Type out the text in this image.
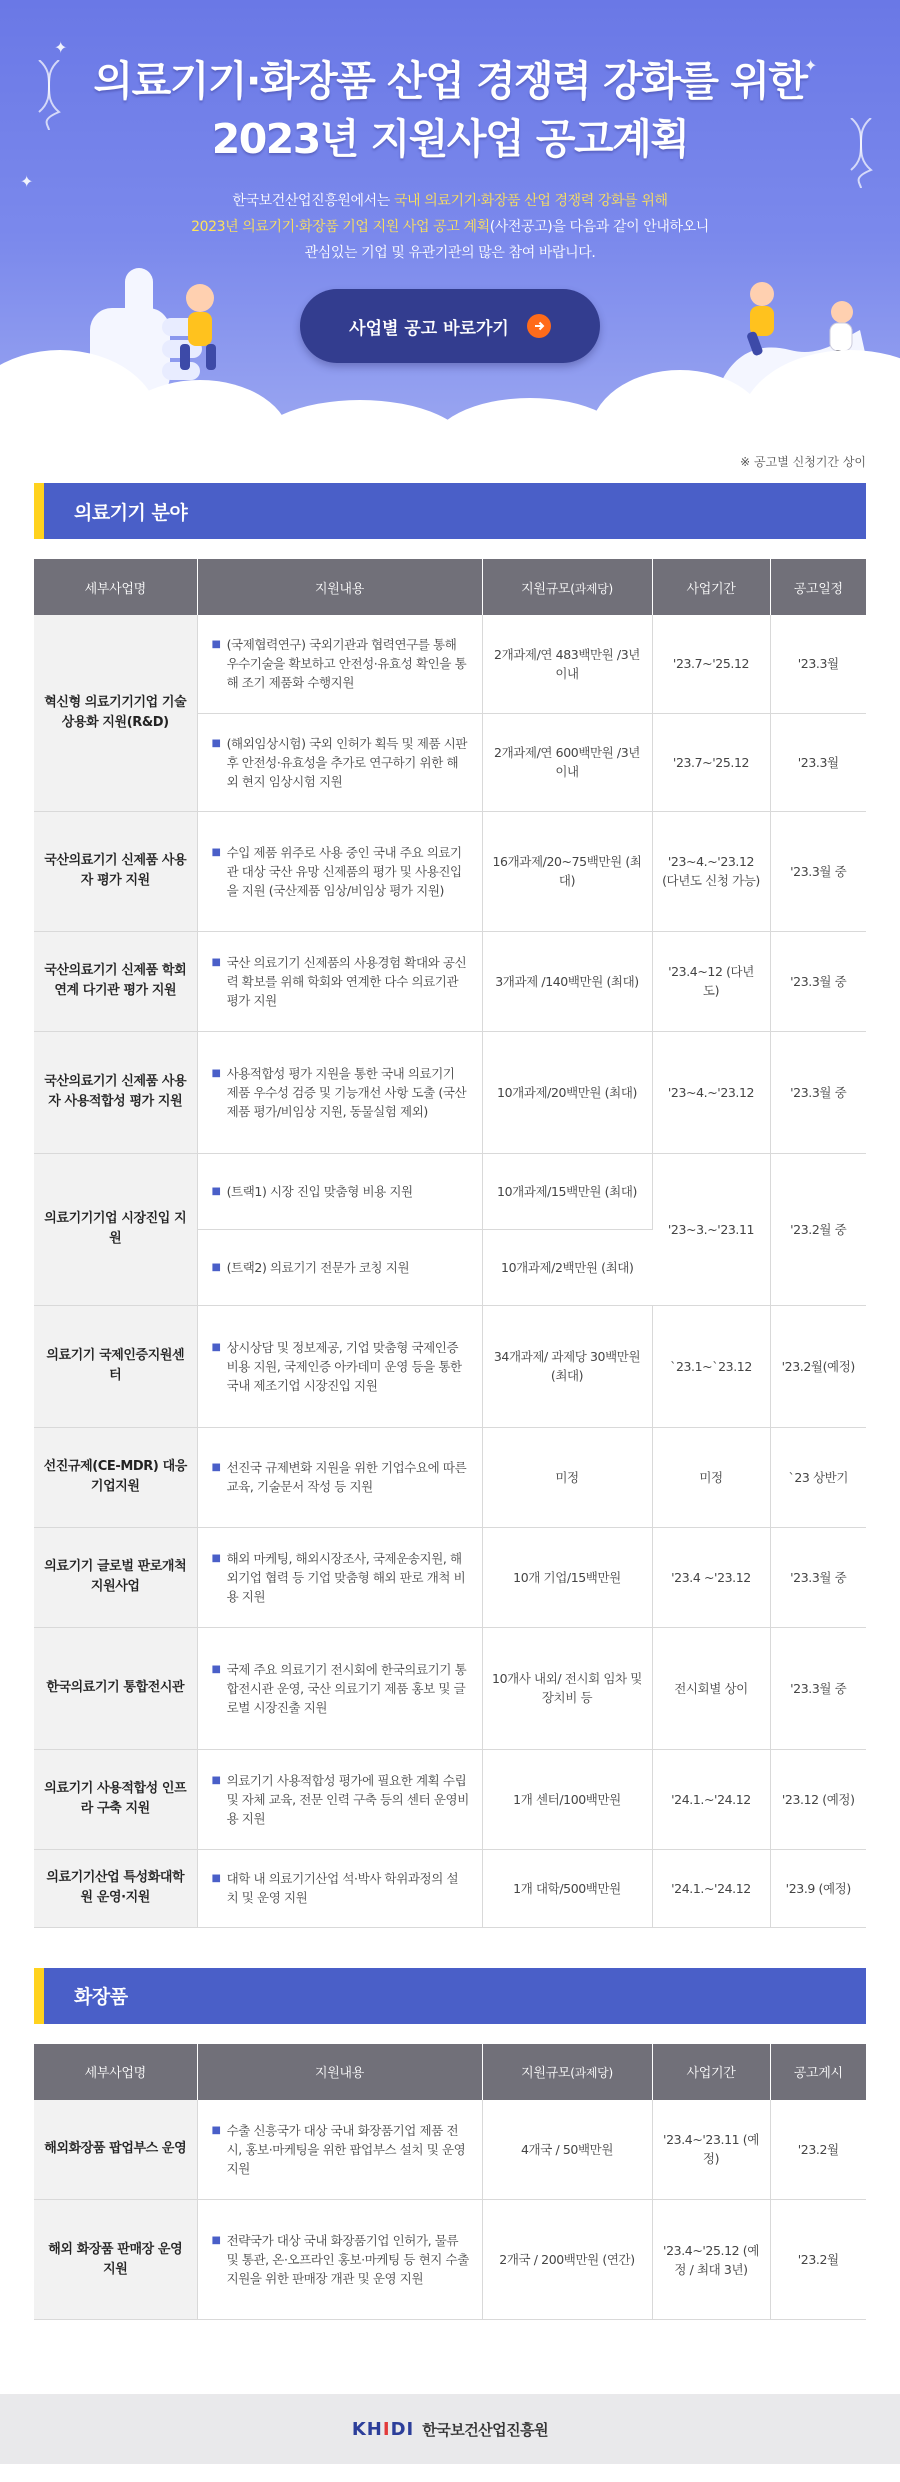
✦
✦
✦
의료기기·화장품 산업 경쟁력 강화를 위한
2023년 지원사업 공고계획
한국보건산업진흥원에서는 국내 의료기기·화장품 산업 경쟁력 강화를 위해
2023년 의료기기·화장품 기업 지원 사업 공고 계획(사전공고)을 다음과 같이 안내하오니
관심있는 기업 및 유관기관의 많은 참여 바랍니다.
사업별 공고 바로가기
※ 공고별 신청기간 상이
의료기기 분야
세부사업명	지원내용	지원규모(과제당)	사업기간	공고일정
혁신형 의료기기기업 기술상용화 지원(R&D)	■ (국제협력연구) 국외기관과 협력연구를 통해 우수기술을 확보하고 안전성·유효성 확인을 통해 조기 제품화 수행지원	2개과제/연 483백만원 /3년이내	'23.7~'25.12	'23.3월

	■ (해외임상시험) 국외 인허가 획득 및 제품 시판후 안전성·유효성을 추가로 연구하기 위한 해외 현지 임상시험 지원	2개과제/연 600백만원 /3년이내	'23.7~'25.12	'23.3월
국산의료기기 신제품 사용자 평가 지원	■ 수입 제품 위주로 사용 중인 국내 주요 의료기관 대상 국산 유망 신제품의 평가 및 사용진입을 지원 (국산제품 임상/비임상 평가 지원)	16개과제/20~75백만원 (최대)	'23~4.~'23.12 (다년도 신청 가능)	'23.3월 중
국산의료기기 신제품 학회 연계 다기관 평가 지원	■ 국산 의료기기 신제품의 사용경험 확대와 공신력 확보를 위해 학회와 연계한 다수 의료기관 평가 지원	3개과제 /140백만원 (최대)	'23.4~12 (다년도)	'23.3월 중
국산의료기기 신제품 사용자 사용적합성 평가 지원	■ 사용적합성 평가 지원을 통한 국내 의료기기 제품 우수성 검증 및 기능개선 사항 도출 (국산제품 평가/비임상 지원, 동물실험 제외)	10개과제/20백만원 (최대)	'23~4.~'23.12	'23.3월 중
의료기기기업 시장진입 지원	■ (트랙1) 시장 진입 맞춤형 비용 지원	10개과제/15백만원 (최대)	'23~3.~'23.11	'23.2월 중

	■ (트랙2) 의료기기 전문가 코칭 지원	10개과제/2백만원 (최대)		
의료기기 국제인증지원센터	■ 상시상담 및 정보제공, 기업 맞춤형 국제인증 비용 지원, 국제인증 아카데미 운영 등을 통한 국내 제조기업 시장진입 지원	34개과제/ 과제당 30백만원 (최대)	`23.1~`23.12	'23.2월(예정)
선진규제(CE-MDR) 대응 기업지원	■ 선진국 규제변화 지원을 위한 기업수요에 따른 교육, 기술문서 작성 등 지원	미정	미정	`23 상반기
의료기기 글로벌 판로개척 지원사업	■ 해외 마케팅, 해외시장조사, 국제운송지원, 해외기업 협력 등 기업 맞춤형 해외 판로 개척 비용 지원	10개 기업/15백만원	'23.4 ~'23.12	'23.3월 중
한국의료기기 통합전시관	■ 국제 주요 의료기기 전시회에 한국의료기기 통합전시관 운영, 국산 의료기기 제품 홍보 및 글로벌 시장진출 지원	10개사 내외/ 전시회 임차 및 장치비 등	전시회별 상이	'23.3월 중
의료기기 사용적합성 인프라 구축 지원	■ 의료기기 사용적합성 평가에 필요한 계획 수립 및 자체 교육, 전문 인력 구축 등의 센터 운영비용 지원	1개 센터/100백만원	'24.1.~'24.12	'23.12 (예정)
의료기기산업 특성화대학원 운영·지원	■ 대학 내 의료기기산업 석·박사 학위과정의 설치 및 운영 지원	1개 대학/500백만원	'24.1.~'24.12	'23.9 (예정)
화장품
세부사업명	지원내용	지원규모(과제당)	사업기간	공고게시
해외화장품 팝업부스 운영	■ 수출 신흥국가 대상 국내 화장품기업 제품 전시, 홍보·마케팅을 위한 팝업부스 설치 및 운영 지원	4개국 / 50백만원	'23.4~'23.11 (예정)	'23.2월
해외 화장품 판매장 운영 지원	■ 전략국가 대상 국내 화장품기업 인허가, 물류 및 통관, 온·오프라인 홍보·마케팅 등 현지 수출 지원을 위한 판매장 개관 및 운영 지원	2개국 / 200백만원 (연간)	'23.4~'25.12 (예정 / 최대 3년)	'23.2월
KHIDI 한국보건산업진흥원
